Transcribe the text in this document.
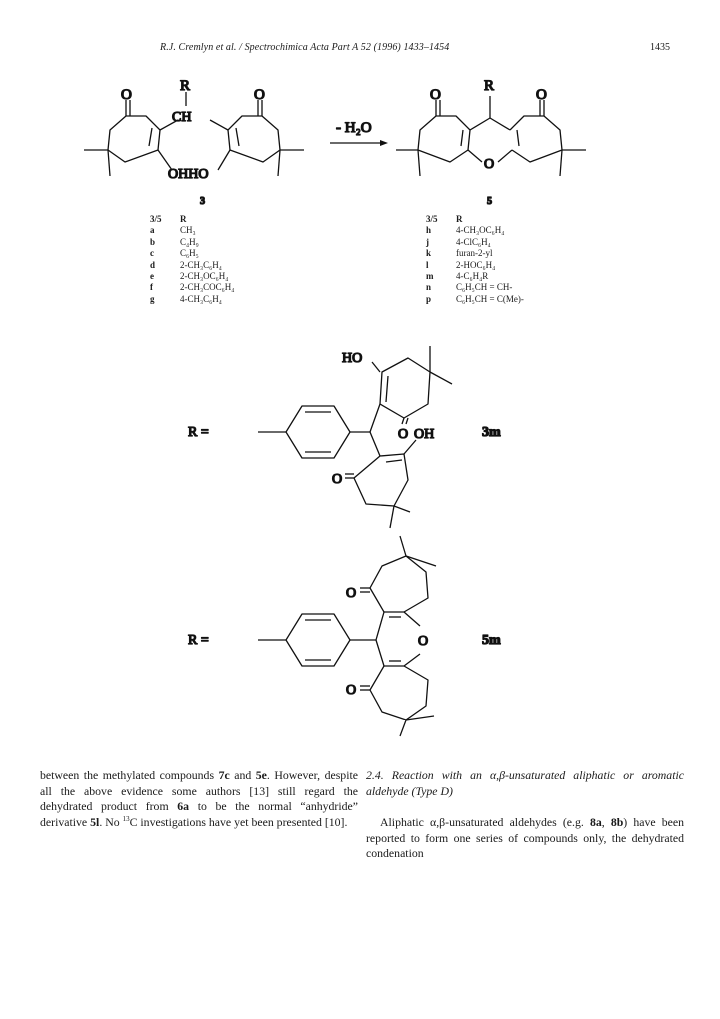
R.J. Cremlyn et al. / Spectrochimica Acta Part A 52 (1996) 1433–1454	1435
O	O
R
CH
OHHO
3
- H₂O
O	O
R
O
5
HO
O OH
O
R =	3m
O
O
O
R =	5m
3/5	R
a	CH₃
b	C₄H₉
c	C₆H₅
d	2-CH₃C₆H₄
e	2-CH₃OC₆H₄
f	2-CH₃COC₆H₄
g	4-CH₃C₆H₄
3/5	R
h	4-CH₃OC₆H₄
j	4-ClC₆H₄
k	furan-2-yl
l	2-HOC₆H₄
m	4-C₆H₄R
n	C₆H₅CH = CH-
p	C₆H₅CH = C(Me)-

between the methylated compounds 7c and 5e. However, despite all the above evidence some authors [13] still regard the dehydrated product from 6a to be the normal “anhydride” derivative 5l. No $^{13}$C investigations have yet been presented [10].

2.4. Reaction with an α,β-unsaturated aliphatic or aromatic aldehyde (Type D)

Aliphatic α,β-unsaturated aldehydes (e.g. 8a, 8b) have been reported to form one series of compounds only, the dehydrated condenation
